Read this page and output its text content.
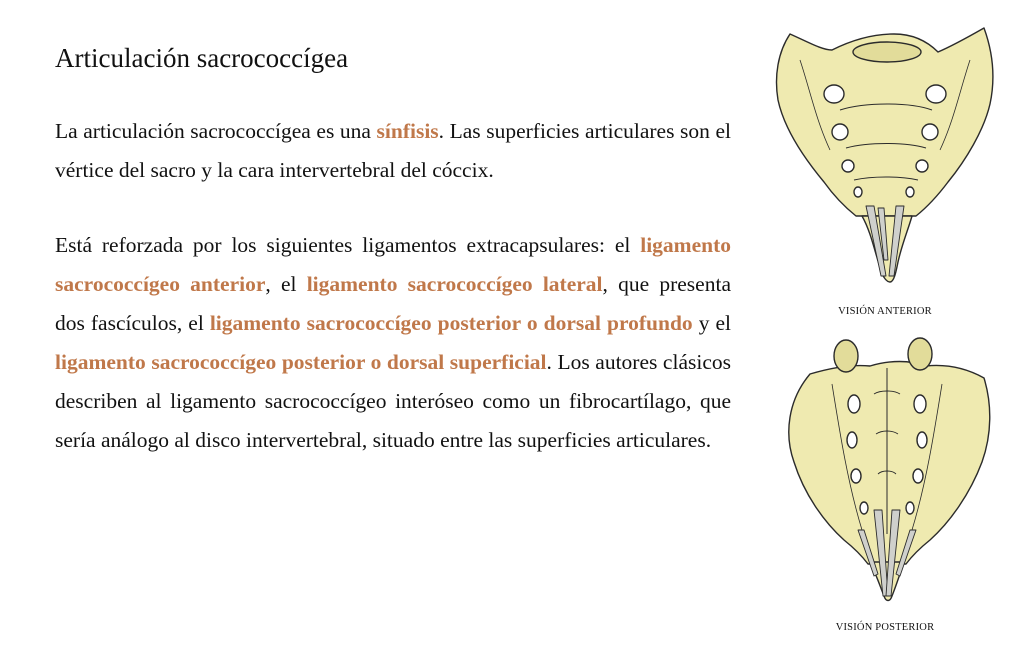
Articulación sacrococcígea

La articulación sacrococcígea es una sínfisis. Las superficies articulares son el vértice del sacro y la cara intervertebral del cóccix.

Está reforzada por los siguientes ligamentos extracapsulares: el ligamento sacrococcígeo anterior, el ligamento sacrococcígeo lateral, que presenta dos fascículos, el ligamento sacrococcígeo posterior o dorsal profundo y el ligamento sacrococcígeo posterior o dorsal superficial. Los autores clásicos describen al ligamento sacrococcígeo interóseo como un fibrocartílago, que sería análogo al disco intervertebral, situado entre las superficies articulares.

VISIÓN ANTERIOR
VISIÓN POSTERIOR
